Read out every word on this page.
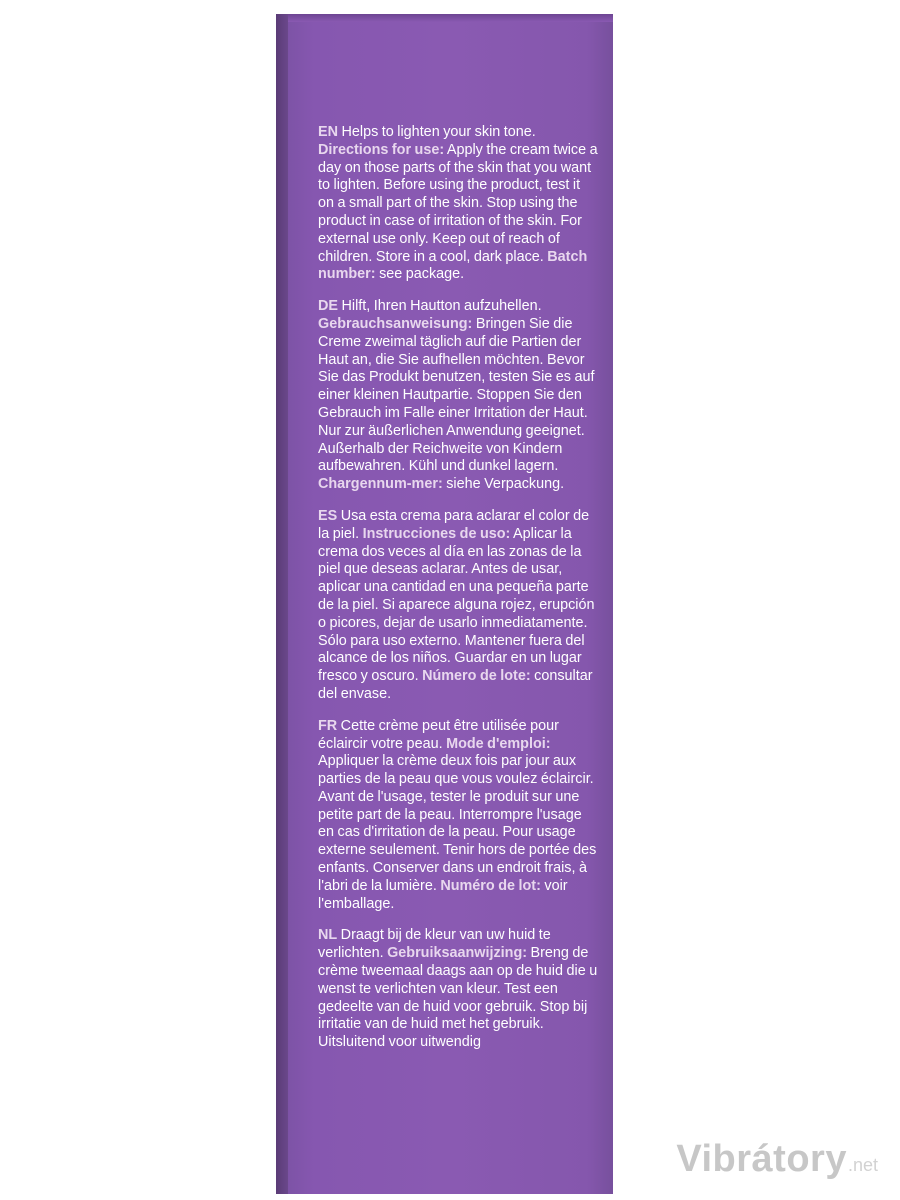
EN Helps to lighten your skin tone. Directions for use: Apply the cream twice a day on those parts of the skin that you want to lighten. Before using the product, test it on a small part of the skin. Stop using the product in case of irritation of the skin. For external use only. Keep out of reach of children. Store in a cool, dark place. Batch number: see package.

DE Hilft, Ihren Hautton aufzuhellen. Gebrauchsanweisung: Bringen Sie die Creme zweimal täglich auf die Partien der Haut an, die Sie aufhellen möchten. Bevor Sie das Produkt benutzen, testen Sie es auf einer kleinen Hautpartie. Stoppen Sie den Gebrauch im Falle einer Irritation der Haut. Nur zur äußerlichen Anwendung geeignet. Außerhalb der Reichweite von Kindern aufbewahren. Kühl und dunkel lagern. Chargennum-mer: siehe Verpackung.

ES Usa esta crema para aclarar el color de la piel. Instrucciones de uso: Aplicar la crema dos veces al día en las zonas de la piel que deseas aclarar. Antes de usar, aplicar una cantidad en una pequeña parte de la piel. Si aparece alguna rojez, erupción o picores, dejar de usarlo inmediatamente. Sólo para uso externo. Mantener fuera del alcance de los niños. Guardar en un lugar fresco y oscuro. Número de lote: consultar del envase.

FR Cette crème peut être utilisée pour éclaircir votre peau. Mode d'emploi: Appliquer la crème deux fois par jour aux parties de la peau que vous voulez éclaircir. Avant de l'usage, tester le produit sur une petite part de la peau. Interrompre l'usage en cas d'irritation de la peau. Pour usage externe seulement. Tenir hors de portée des enfants. Conserver dans un endroit frais, à l'abri de la lumière. Numéro de lot: voir l'emballage.

NL Draagt bij de kleur van uw huid te verlichten. Gebruiksaanwijzing: Breng de crème tweemaal daags aan op de huid die u wenst te verlichten van kleur. Test een gedeelte van de huid voor gebruik. Stop bij irritatie van de huid met het gebruik. Uitsluitend voor uitwendig

Vibrátory .net
